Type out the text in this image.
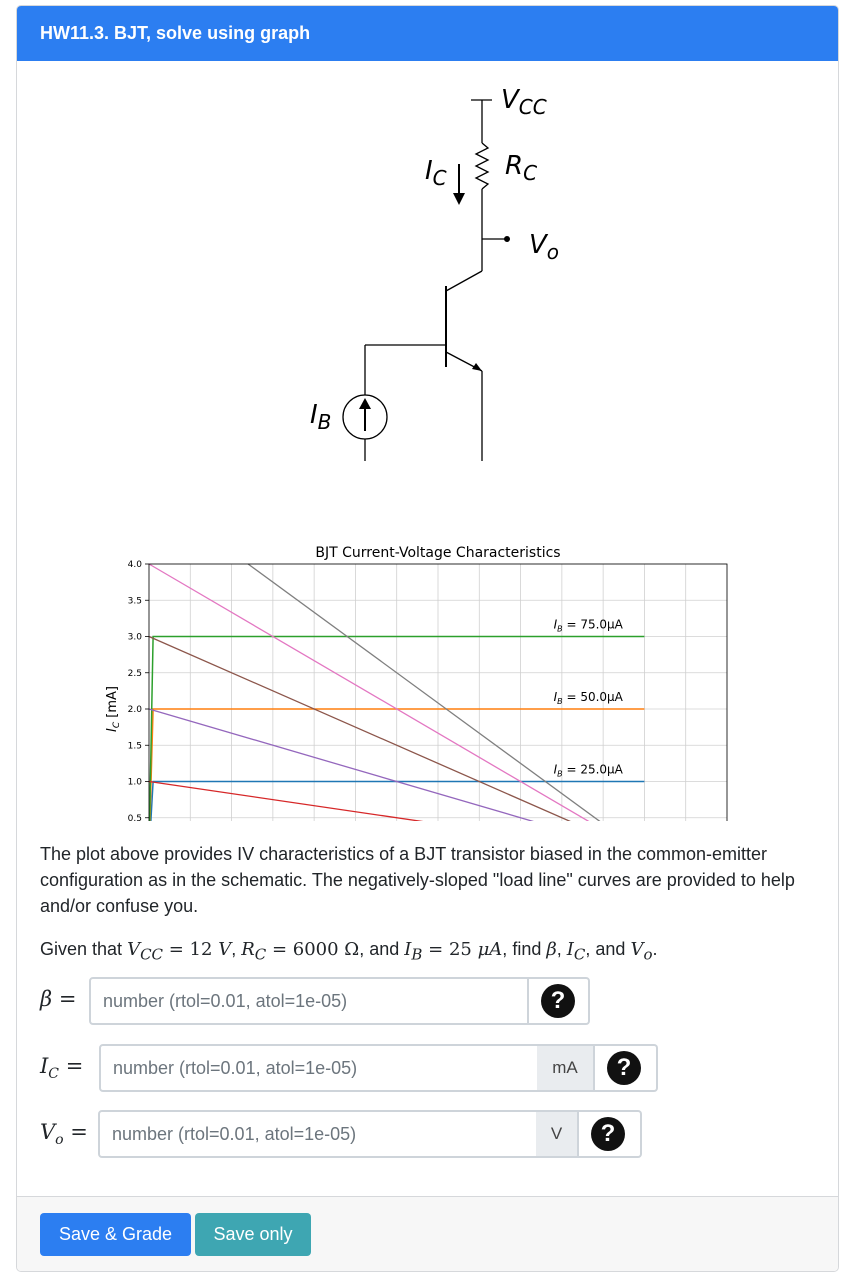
HW11.3. BJT, solve using graph
$V_{CC}$
$R_C$
$I_C$
$V_o$
$I_B$
0.5
1.0
1.5
2.0
2.5
3.0
3.5
4.0
BJT Current-Voltage Characteristics
$I_C$ [mA]
$I_B = 25.0\mu A$
$I_B = 50.0\mu A$
$I_B = 75.0\mu A$
The plot above provides IV characteristics of a BJT transistor biased in the common-emitter configuration as in the schematic. The negatively-sloped "load line" curves are provided to help and/or confuse you.
Given that $V_{CC} = 12$ V, $R_C = 6000$ Ω, and $I_B = 25$ μA, find β, $I_C$, and $V_o$.
β =
number (rtol=0.01, atol=1e-05)	?
$I_C$ =
number (rtol=0.01, atol=1e-05)	mA	?
$V_o$ =
number (rtol=0.01, atol=1e-05)	V	?
Save & Grade	Save only
